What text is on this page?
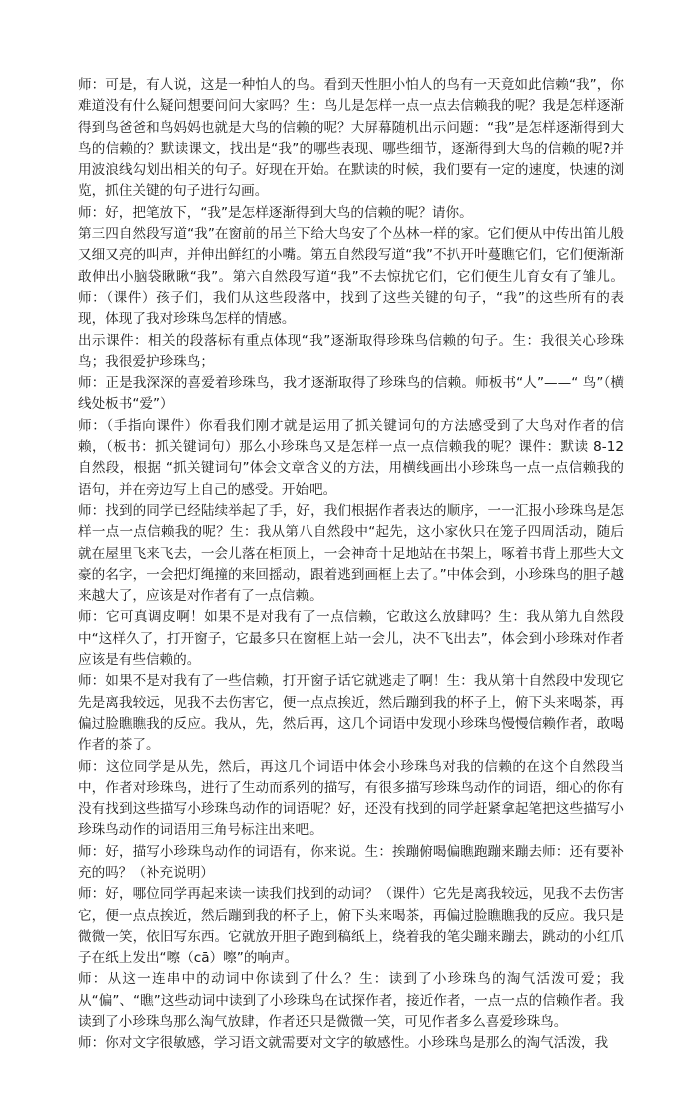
师：可是，有人说，这是一种怕人的鸟。看到天性胆小怕人的鸟有一天竟如此信赖“我”，你难道没有什么疑问想要问问大家吗？生：鸟儿是怎样一点一点去信赖我的呢？我是怎样逐渐得到鸟爸爸和鸟妈妈也就是大鸟的信赖的呢？大屏幕随机出示问题：“我”是怎样逐渐得到大鸟的信赖的？默读课文，找出是“我”的哪些表现、哪些细节，逐渐得到大鸟的信赖的呢?并用波浪线勾划出相关的句子。好现在开始。在默读的时候，我们要有一定的速度，快速的浏览，抓住关键的句子进行勾画。

师：好，把笔放下，“我”是怎样逐渐得到大鸟的信赖的呢？请你。

第三四自然段写道“我”在窗前的吊兰下给大鸟安了个丛林一样的家。它们便从中传出笛儿般又细又亮的叫声，并伸出鲜红的小嘴。第五自然段写道“我”不扒开叶蔓瞧它们，它们便渐渐敢伸出小脑袋瞅瞅“我”。第六自然段写道“我”不去惊扰它们，它们便生儿育女有了雏儿。师：（课件）孩子们，我们从这些段落中，找到了这些关键的句子，“我”的这些所有的表现，体现了我对珍珠鸟怎样的情感。

出示课件：相关的段落标有重点体现“我”逐渐取得珍珠鸟信赖的句子。生：我很关心珍珠鸟；我很爱护珍珠鸟；

师：正是我深深的喜爱着珍珠鸟，我才逐渐取得了珍珠鸟的信赖。师板书“人”——“ 鸟”（横线处板书“爱”）

师：（手指向课件）你看我们刚才就是运用了抓关键词句的方法感受到了大鸟对作者的信赖，（板书：抓关键词句）那么小珍珠鸟又是怎样一点一点信赖我的呢？课件：默读 8-12 自然段，根据 “抓关键词句”体会文章含义的方法，用横线画出小珍珠鸟一点一点信赖我的语句，并在旁边写上自己的感受。开始吧。

师：找到的同学已经陆续举起了手，好，我们根据作者表达的顺序，一一汇报小珍珠鸟是怎样一点一点信赖我的呢？生：我从第八自然段中“起先，这小家伙只在笼子四周活动，随后就在屋里飞来飞去，一会儿落在柜顶上，一会神奇十足地站在书架上，啄着书背上那些大文豪的名字，一会把灯绳撞的来回摇动，跟着逃到画框上去了。”中体会到，小珍珠鸟的胆子越来越大了，应该是对作者有了一点信赖。

师：它可真调皮啊！如果不是对我有了一点信赖，它敢这么放肆吗？生：我从第九自然段中“这样久了，打开窗子，它最多只在窗框上站一会儿，决不飞出去”，体会到小珍珠对作者应该是有些信赖的。

师：如果不是对我有了一些信赖，打开窗子话它就逃走了啊！生：我从第十自然段中发现它先是离我较远，见我不去伤害它，便一点点挨近，然后蹦到我的杯子上，俯下头来喝茶，再偏过脸瞧瞧我的反应。我从，先，然后再，这几个词语中发现小珍珠鸟慢慢信赖作者，敢喝作者的茶了。

师：这位同学是从先，然后，再这几个词语中体会小珍珠鸟对我的信赖的在这个自然段当中，作者对珍珠鸟，进行了生动而系列的描写，有很多描写珍珠鸟动作的词语，细心的你有没有找到这些描写小珍珠鸟动作的词语呢？好，还没有找到的同学赶紧拿起笔把这些描写小珍珠鸟动作的词语用三角号标注出来吧。

师：好，描写小珍珠鸟动作的词语有，你来说。生：挨蹦俯喝偏瞧跑蹦来蹦去师：还有要补充的吗？（补充说明）

师：好，哪位同学再起来读一读我们找到的动词？（课件）它先是离我较远，见我不去伤害它，便一点点挨近，然后蹦到我的杯子上，俯下头来喝茶，再偏过脸瞧瞧我的反应。我只是微微一笑，依旧写东西。它就放开胆子跑到稿纸上，绕着我的笔尖蹦来蹦去，跳动的小红爪子在纸上发出“嚓（cā）嚓”的响声。

师：从这一连串中的动词中你读到了什么？生：读到了小珍珠鸟的淘气活泼可爱；我从“偏”、“瞧”这些动词中读到了小珍珠鸟在试探作者，接近作者，一点一点的信赖作者。我读到了小珍珠鸟那么淘气放肆，作者还只是微微一笑，可见作者多么喜爱珍珠鸟。

师：你对文字很敏感，学习语文就需要对文字的敏感性。小珍珠鸟是那么的淘气活泼，我
